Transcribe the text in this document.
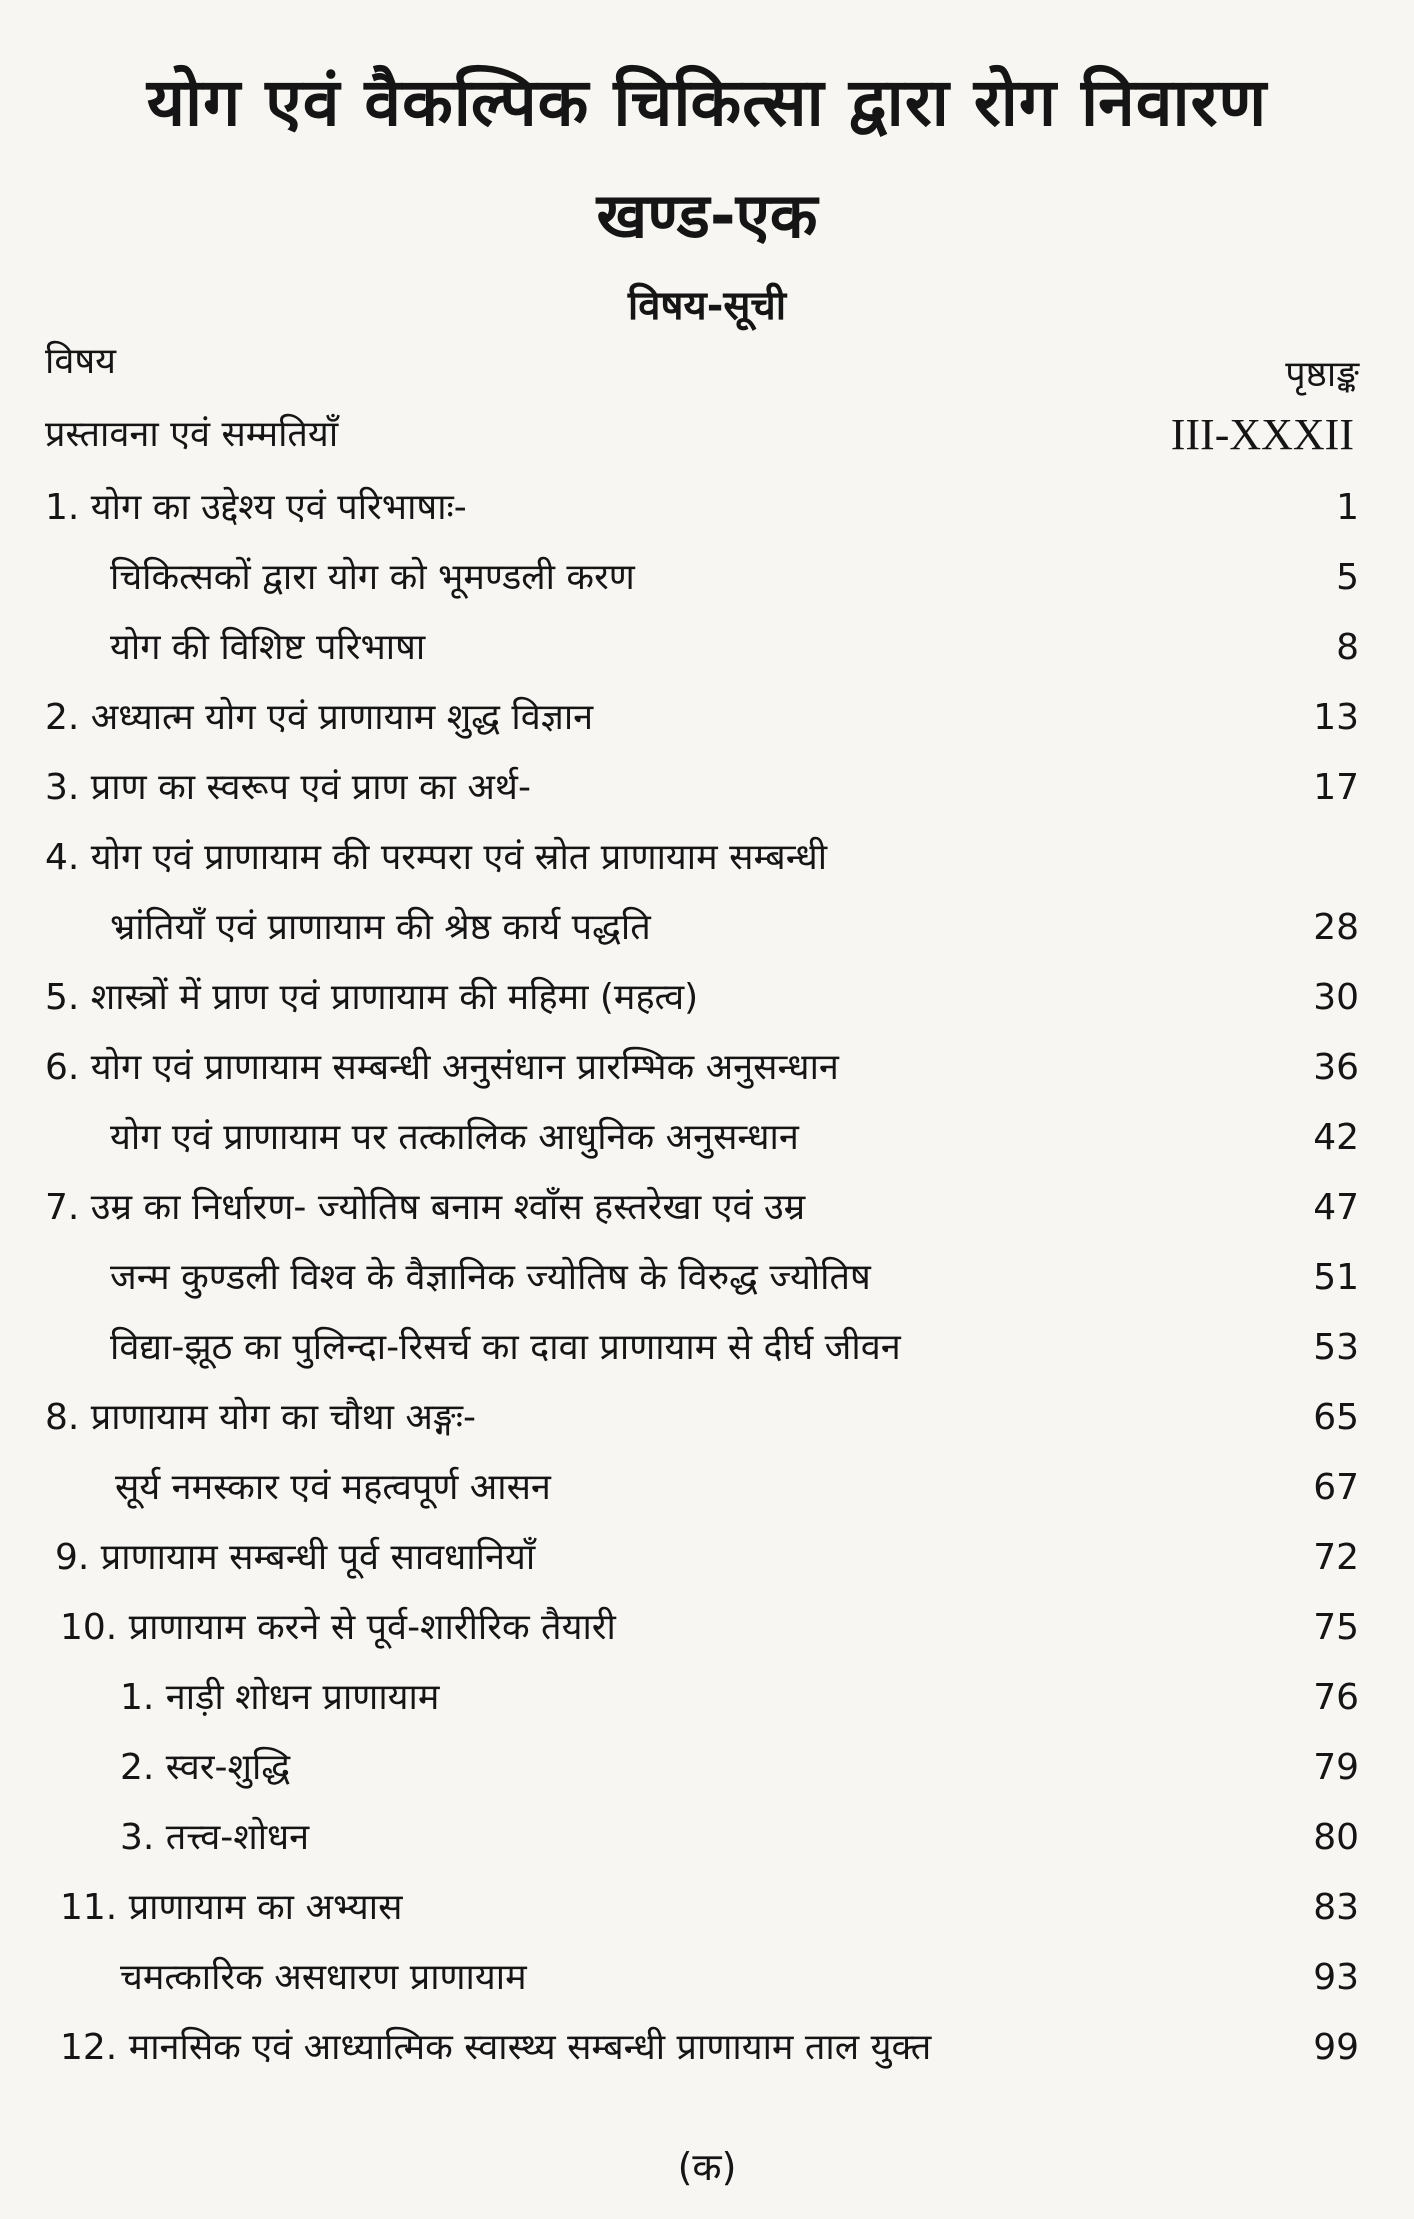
योग एवं वैकल्पिक चिकित्सा द्वारा रोग निवारण
खण्ड-एक
विषय-सूची
विषय	पृष्ठाङ्क
प्रस्तावना एवं सम्मतियाँ	III-XXXII
1. योग का उद्देश्य एवं परिभाषाः-	1
चिकित्सकों द्वारा योग को भूमण्डली करण	5
योग की विशिष्ट परिभाषा	8
2. अध्यात्म योग एवं प्राणायाम शुद्ध विज्ञान	13
3. प्राण का स्वरूप एवं प्राण का अर्थ-	17
4. योग एवं प्राणायाम की परम्परा एवं स्रोत प्राणायाम सम्बन्धी
भ्रांतियाँ एवं प्राणायाम की श्रेष्ठ कार्य पद्धति	28
5. शास्त्रों में प्राण एवं प्राणायाम की महिमा (महत्व)	30
6. योग एवं प्राणायाम सम्बन्धी अनुसंधान प्रारम्भिक अनुसन्धान	36
योग एवं प्राणायाम पर तत्कालिक आधुनिक अनुसन्धान	42
7. उम्र का निर्धारण- ज्योतिष बनाम श्वाँस हस्तरेखा एवं उम्र	47
जन्म कुण्डली विश्व के वैज्ञानिक ज्योतिष के विरुद्ध ज्योतिष	51
विद्या-झूठ का पुलिन्दा-रिसर्च का दावा प्राणायाम से दीर्घ जीवन	53
8. प्राणायाम योग का चौथा अङ्गः-	65
सूर्य नमस्कार एवं महत्वपूर्ण आसन	67
9. प्राणायाम सम्बन्धी पूर्व सावधानियाँ	72
10. प्राणायाम करने से पूर्व-शारीरिक तैयारी	75
1. नाड़ी शोधन प्राणायाम	76
2. स्वर-शुद्धि	79
3. तत्त्व-शोधन	80
11. प्राणायाम का अभ्यास	83
चमत्कारिक असधारण प्राणायाम	93
12. मानसिक एवं आध्यात्मिक स्वास्थ्य सम्बन्धी प्राणायाम ताल युक्त	99
(क)
